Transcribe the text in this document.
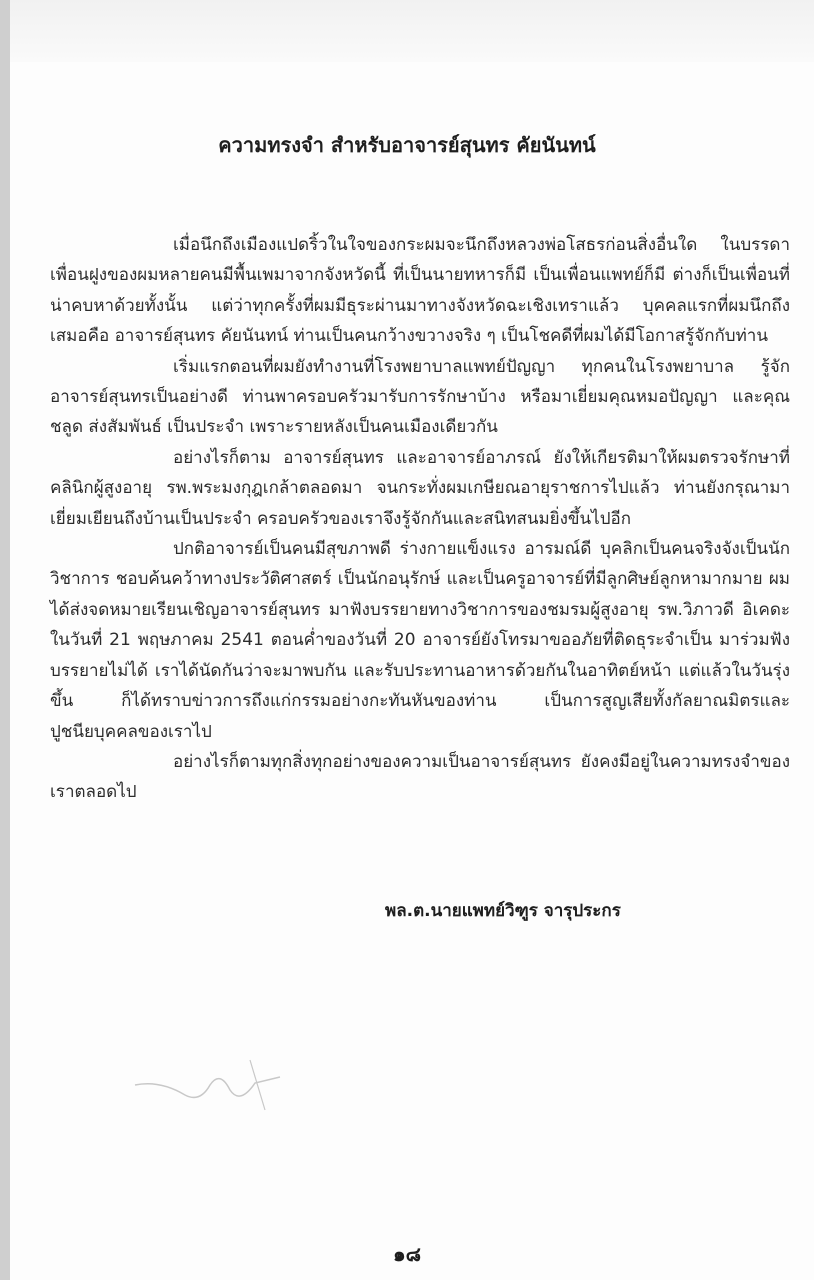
ความทรงจำ สำหรับอาจารย์สุนทร คัยนันทน์

เมื่อนึกถึงเมืองแปดริ้วในใจของกระผมจะนึกถึงหลวงพ่อโสธรก่อนสิ่งอื่นใด ในบรรดาเพื่อนฝูงของผมหลายคนมีพื้นเพมาจากจังหวัดนี้ ที่เป็นนายทหารก็มี เป็นเพื่อนแพทย์ก็มี ต่างก็เป็นเพื่อนที่น่าคบหาด้วยทั้งนั้น แต่ว่าทุกครั้งที่ผมมีธุระผ่านมาทางจังหวัดฉะเชิงเทราแล้ว บุคคลแรกที่ผมนึกถึงเสมอคือ อาจารย์สุนทร คัยนันทน์ ท่านเป็นคนกว้างขวางจริง ๆ เป็นโชคดีที่ผมได้มีโอกาสรู้จักกับท่าน

เริ่มแรกตอนที่ผมยังทำงานที่โรงพยาบาลแพทย์ปัญญา ทุกคนในโรงพยาบาล รู้จักอาจารย์สุนทรเป็นอย่างดี ท่านพาครอบครัวมารับการรักษาบ้าง หรือมาเยี่ยมคุณหมอปัญญา และคุณชลูด ส่งสัมพันธ์ เป็นประจำ เพราะรายหลังเป็นคนเมืองเดียวกัน

อย่างไรก็ตาม อาจารย์สุนทร และอาจารย์อาภรณ์ ยังให้เกียรติมาให้ผมตรวจรักษาที่คลินิกผู้สูงอายุ รพ.พระมงกุฎเกล้าตลอดมา จนกระทั่งผมเกษียณอายุราชการไปแล้ว ท่านยังกรุณามาเยี่ยมเยียนถึงบ้านเป็นประจำ ครอบครัวของเราจึงรู้จักกันและสนิทสนมยิ่งขึ้นไปอีก

ปกติอาจารย์เป็นคนมีสุขภาพดี ร่างกายแข็งแรง อารมณ์ดี บุคลิกเป็นคนจริงจังเป็นนักวิชาการ ชอบค้นคว้าทางประวัติศาสตร์ เป็นนักอนุรักษ์ และเป็นครูอาจารย์ที่มีลูกศิษย์ลูกหามากมาย ผมได้ส่งจดหมายเรียนเชิญอาจารย์สุนทร มาฟังบรรยายทางวิชาการของชมรมผู้สูงอายุ รพ.วิภาวดี อิเคดะ ในวันที่ 21 พฤษภาคม 2541 ตอนค่ำของวันที่ 20 อาจารย์ยังโทรมาขออภัยที่ติดธุระจำเป็น มาร่วมฟังบรรยายไม่ได้ เราได้นัดกันว่าจะมาพบกัน และรับประทานอาหารด้วยกันในอาทิตย์หน้า แต่แล้วในวันรุ่งขึ้น ก็ได้ทราบข่าวการถึงแก่กรรมอย่างกะทันหันของท่าน เป็นการสูญเสียทั้งกัลยาณมิตรและปูชนียบุคคลของเราไป

อย่างไรก็ตามทุกสิ่งทุกอย่างของความเป็นอาจารย์สุนทร ยังคงมีอยู่ในความทรงจำของเราตลอดไป

พล.ต.นายแพทย์วิฑูร จารุประกร
๑๘
